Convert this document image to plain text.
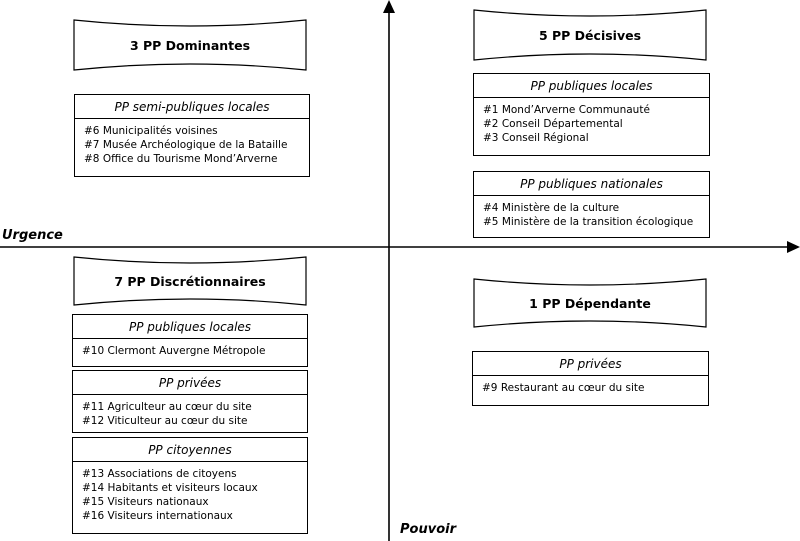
Urgence
Pouvoir
3 PP Dominantes
PP semi-publiques locales
#6 Municipalités voisines
#7 Musée Archéologique de la Bataille
#8 Office du Tourisme Mond’Arverne
5 PP Décisives
PP publiques locales
#1 Mond’Arverne Communauté
#2 Conseil Départemental
#3 Conseil Régional
PP publiques nationales
#4 Ministère de la culture
#5 Ministère de la transition écologique
7 PP Discrétionnaires
PP publiques locales
#10 Clermont Auvergne Métropole
PP privées
#11 Agriculteur au cœur du site
#12 Viticulteur au cœur du site
PP citoyennes
#13 Associations de citoyens
#14 Habitants et visiteurs locaux
#15 Visiteurs nationaux
#16 Visiteurs internationaux
1 PP Dépendante
PP privées
#9 Restaurant au cœur du site
